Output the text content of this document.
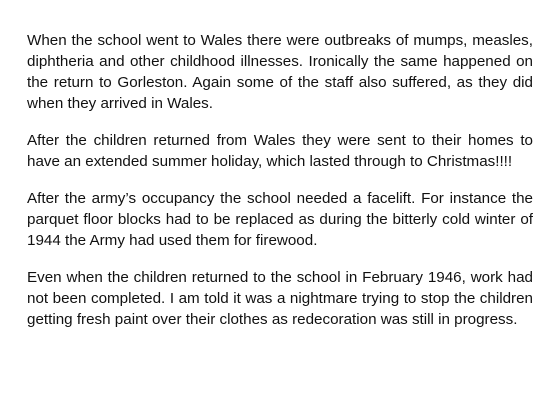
When the school went to Wales there were outbreaks of mumps, measles, diphtheria and other childhood illnesses. Ironically the same happened on the return to Gorleston. Again some of the staff also suffered, as they did when they arrived in Wales.

After the children returned from Wales they were sent to their homes to have an extended summer holiday, which lasted through to Christmas!!!!

After the army’s occupancy the school needed a facelift. For instance the parquet floor blocks had to be replaced as during the bitterly cold winter of 1944 the Army had used them for firewood.

Even when the children returned to the school in February 1946, work had not been completed. I am told it was a nightmare trying to stop the children getting fresh paint over their clothes as redecoration was still in progress.
